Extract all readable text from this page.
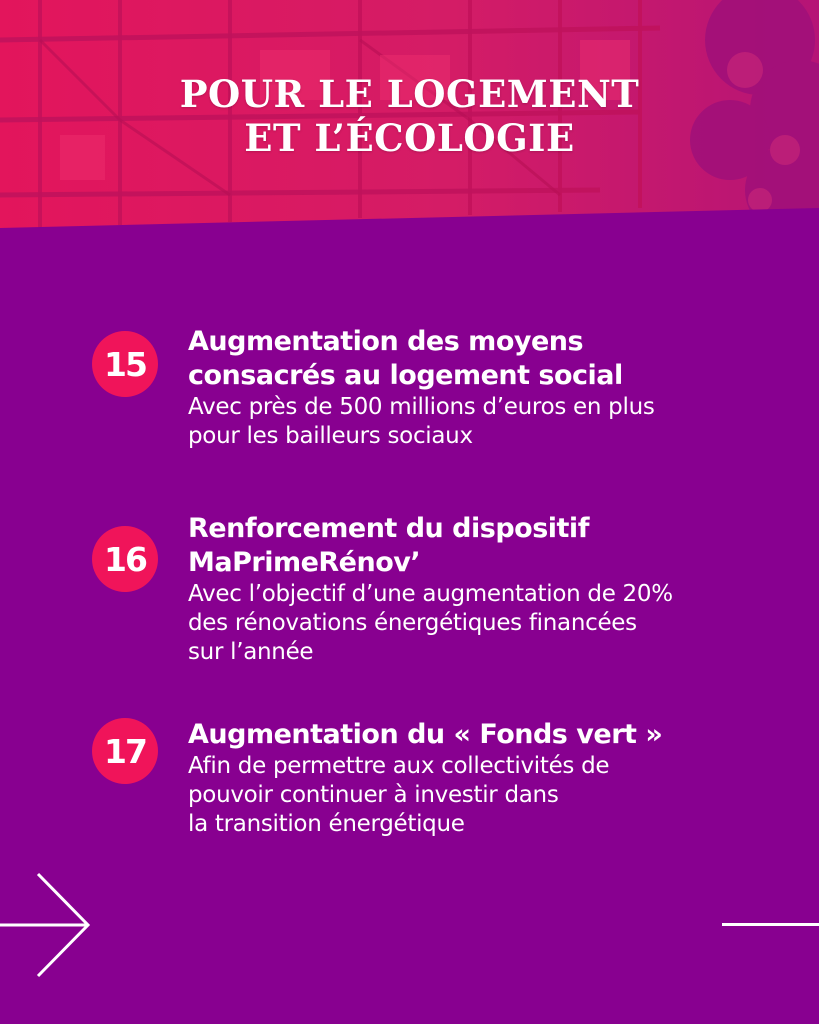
POUR LE LOGEMENT
ET L’ÉCOLOGIE
15
Augmentation des moyens
consacrés au logement social
Avec près de 500 millions d’euros en plus
pour les bailleurs sociaux
16
Renforcement du dispositif
MaPrimeRénov’
Avec l’objectif d’une augmentation de 20%
des rénovations énergétiques financées
sur l’année
17	Augmentation du « Fonds vert »
Afin de permettre aux collectivités de
pouvoir continuer à investir dans
la transition énergétique
